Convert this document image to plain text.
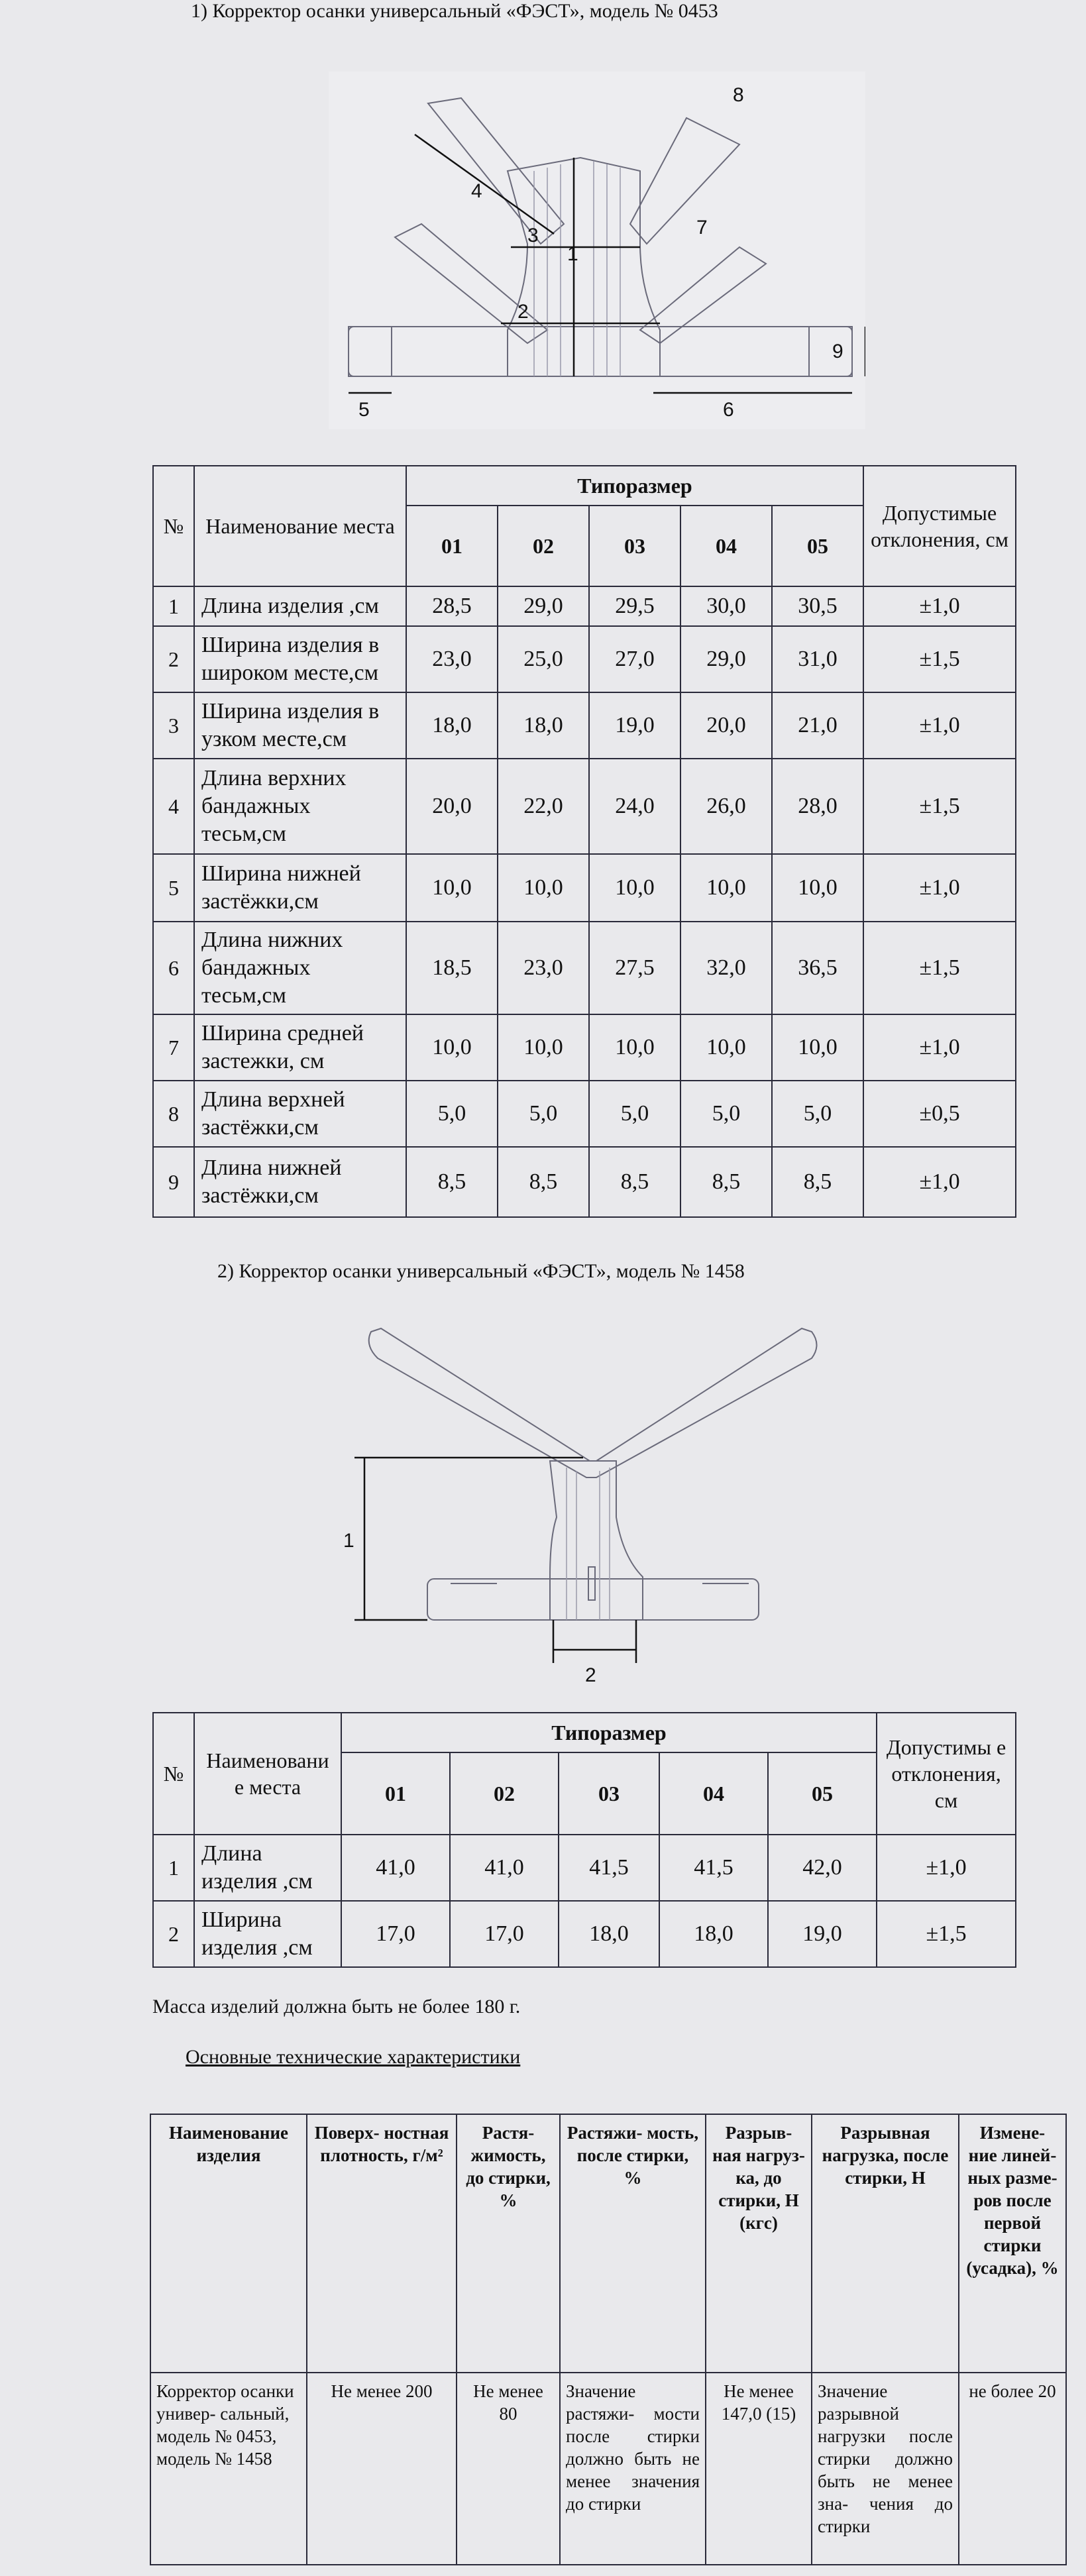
1) Корректор осанки универсальный «ФЭСТ», модель № 0453
1
2
3
4
5	6
7
8
9
№	Наименование места	Типоразмер					Допустимые отклонения, см
		01	02	03	04	05	
1	Длина изделия ,см	28,5	29,0	29,5	30,0	30,5	±1,0
2	Ширина изделия в широком месте,см	23,0	25,0	27,0	29,0	31,0	±1,5
3	Ширина изделия в узком месте,см	18,0	18,0	19,0	20,0	21,0	±1,0
4	Длина верхних бандажных тесьм,см	20,0	22,0	24,0	26,0	28,0	±1,5
5	Ширина нижней застёжки,см	10,0	10,0	10,0	10,0	10,0	±1,0
6	Длина нижних бандажных тесьм,см	18,5	23,0	27,5	32,0	36,5	±1,5
7	Ширина средней застежки, см	10,0	10,0	10,0	10,0	10,0	±1,0
8	Длина верхней застёжки,см	5,0	5,0	5,0	5,0	5,0	±0,5
9	Длина нижней застёжки,см	8,5	8,5	8,5	8,5	8,5	±1,0
2) Корректор осанки универсальный «ФЭСТ», модель № 1458
1
2
№	Наименовани е места	Типоразмер					Допустимы е отклонения, см
		01	02	03	04	05	
1	Длина изделия ,см	41,0	41,0	41,5	41,5	42,0	±1,0
2	Ширина изделия ,см	17,0	17,0	18,0	18,0	19,0	±1,5
Масса изделий должна быть не более 180 г.
Основные технические характеристики
Наименование изделия	Поверх- ностная плотность, г/м²	Растя- жимость, до стирки, %	Растяжи- мость, после стирки, %	Разрыв- ная нагруз- ка, до стирки, Н (кгс)	Разрывная нагрузка, после стирки, Н	Измене- ние линей- ных разме- ров после первой стирки (усадка), %
Корректор осанки универ- сальный, модель № 0453, модель № 1458	Не менее 200	Не менее 80	Значение растяжи- мости после стирки должно быть не менее значения до стирки	Не менее 147,0 (15)	Значение разрывной нагрузки после стирки должно быть не менее зна- чения до стирки	не более 20
